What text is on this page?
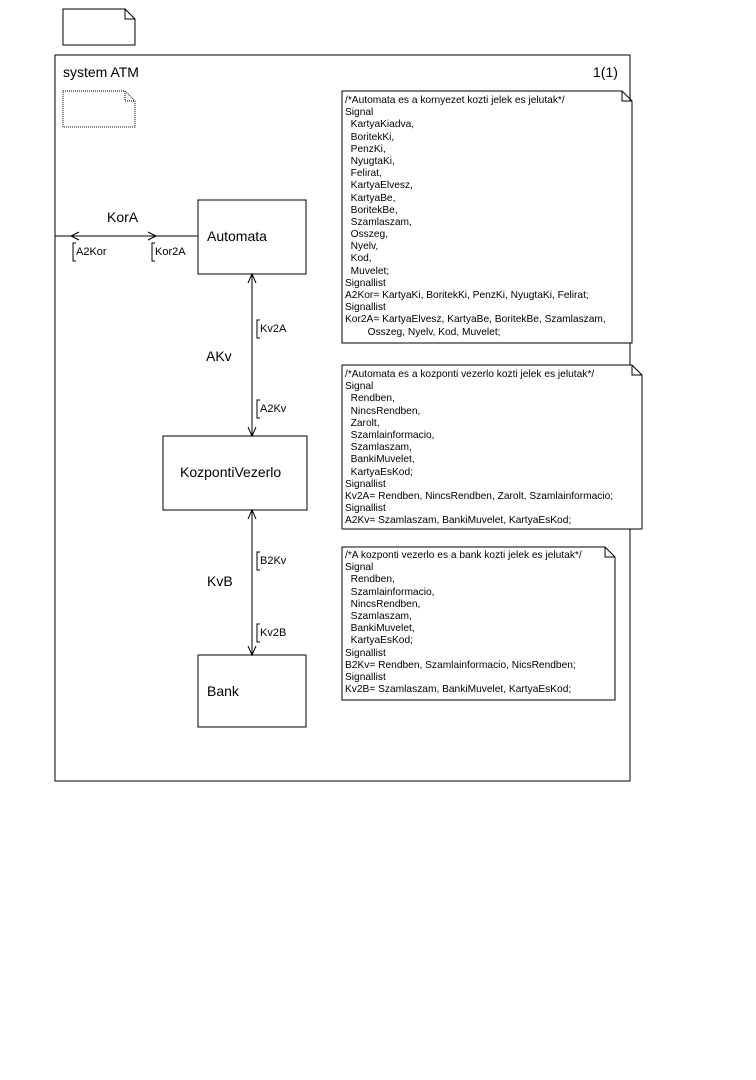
system ATM	1(1)
Automata
KozpontiVezerlo
Bank
KorA
A2Kor	Kor2A
AKv
Kv2A
A2Kv
KvB
B2Kv
Kv2B
/*Automata es a kornyezet kozti jelek es jelutak*/
Signal
KartyaKiadva,
BoritekKi,
PenzKi,
NyugtaKi,
Felirat,
KartyaElvesz,
KartyaBe,
BoritekBe,
Szamlaszam,
Osszeg,
Nyelv,
Kod,
Muvelet;
Signallist
A2Kor= KartyaKi, BoritekKi, PenzKi, NyugtaKi, Felirat;
Signallist
Kor2A= KartyaElvesz, KartyaBe, BoritekBe, Szamlaszam,
Osszeg, Nyelv, Kod, Muvelet;
/*Automata es a kozponti vezerlo kozti jelek es jelutak*/
Signal
Rendben,
NincsRendben,
Zarolt,
Szamlainformacio,
Szamlaszam,
BankiMuvelet,
KartyaEsKod;
Signallist
Kv2A= Rendben, NincsRendben, Zarolt, Szamlainformacio;
Signallist
A2Kv= Szamlaszam, BankiMuvelet, KartyaEsKod;
/*A kozponti vezerlo es a bank kozti jelek es jelutak*/
Signal
Rendben,
Szamlainformacio,
NincsRendben,
Szamlaszam,
BankiMuvelet,
KartyaEsKod;
Signallist
B2Kv= Rendben, Szamlainformacio, NicsRendben;
Signallist
Kv2B= Szamlaszam, BankiMuvelet, KartyaEsKod;
